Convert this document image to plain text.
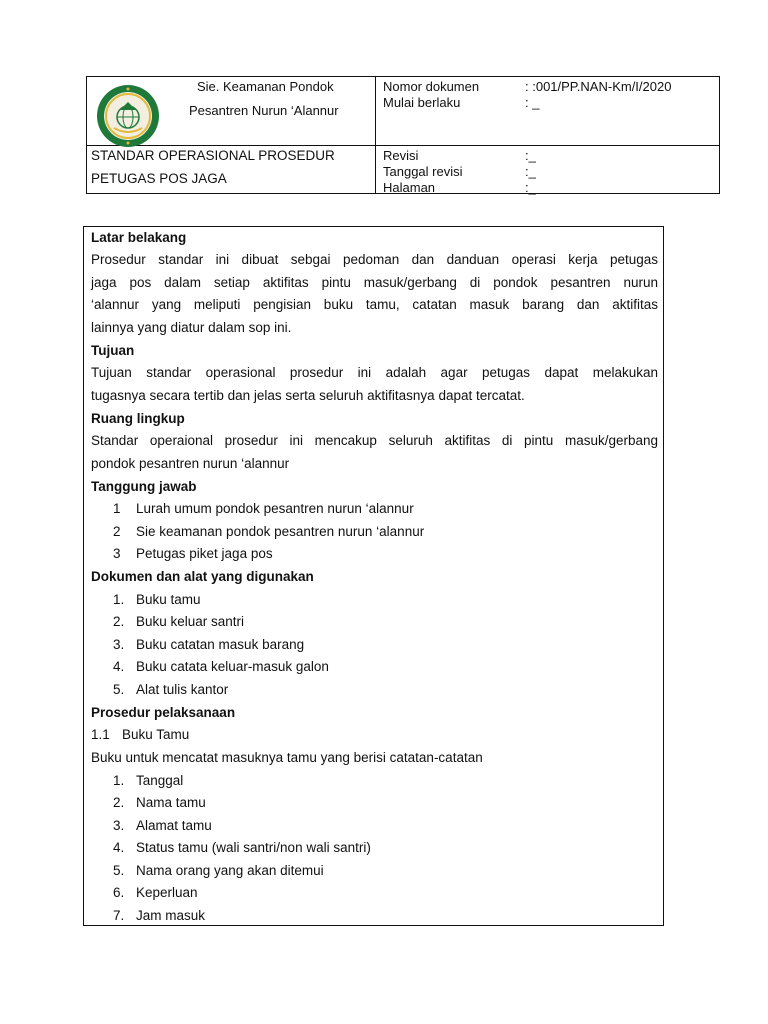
Sie. Keamanan Pondok
Pesantren Nurun ‘Alannur
STANDAR OPERASIONAL PROSEDUR
PETUGAS POS JAGA
Nomor dokumen
Mulai berlaku
Revisi
Tanggal revisi
Halaman
: :001/PP.NAN-Km/I/2020
: _
:_
:_
:_
Latar belakang
Prosedur standar ini dibuat sebgai pedoman dan danduan operasi kerja petugas
jaga pos dalam setiap aktifitas pintu masuk/gerbang di pondok pesantren nurun
‘alannur yang meliputi pengisian buku tamu, catatan masuk barang dan aktifitas
lainnya yang diatur dalam sop ini.
Tujuan
Tujuan standar operasional prosedur ini adalah agar petugas dapat melakukan
tugasnya secara tertib dan jelas serta seluruh aktifitasnya dapat tercatat.
Ruang lingkup
Standar operaional prosedur ini mencakup seluruh aktifitas di pintu masuk/gerbang
pondok pesantren nurun ‘alannur
Tanggung jawab
1 Lurah umum pondok pesantren nurun ‘alannur
2 Sie keamanan pondok pesantren nurun ‘alannur
3 Petugas piket jaga pos
Dokumen dan alat yang digunakan
1. Buku tamu
2. Buku keluar santri
3. Buku catatan masuk barang
4. Buku catata keluar-masuk galon
5. Alat tulis kantor
Prosedur pelaksanaan
1.1 Buku Tamu
Buku untuk mencatat masuknya tamu yang berisi catatan-catatan
1. Tanggal
2. Nama tamu
3. Alamat tamu
4. Status tamu (wali santri/non wali santri)
5. Nama orang yang akan ditemui
6. Keperluan
7. Jam masuk
